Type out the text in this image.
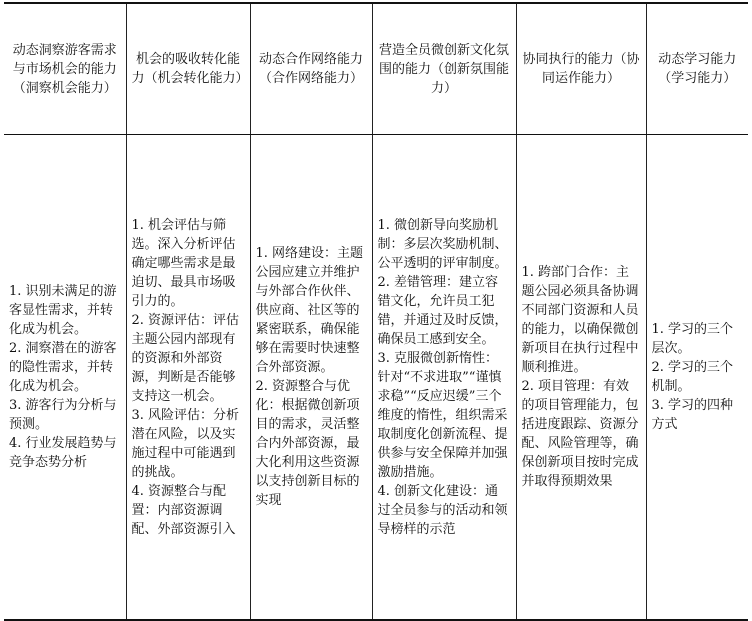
动态洞察游客需求与市场机会的能力（洞察机会能力）	机会的吸收转化能力（机会转化能力）	动态合作网络能力（合作网络能力）	营造全员微创新文化氛围的能力（创新氛围能力）	协同执行的能力（协同运作能力）	动态学习能力（学习能力）
1. 识别未满足的游客显性需求，并转化成为机会。
2. 洞察潜在的游客的隐性需求，并转化成为机会。
3. 游客行为分析与预测。
4. 行业发展趋势与竞争态势分析	1. 机会评估与筛选。深入分析评估确定哪些需求是最迫切、最具市场吸引力的。
2. 资源评估：评估主题公园内部现有的资源和外部资源，判断是否能够支持这一机会。
3. 风险评估：分析潜在风险，以及实施过程中可能遇到的挑战。
4. 资源整合与配置：内部资源调配、外部资源引入	1. 网络建设：主题公园应建立并维护与外部合作伙伴、供应商、社区等的紧密联系，确保能够在需要时快速整合外部资源。
2. 资源整合与优化：根据微创新项目的需求，灵活整合内外部资源，最大化利用这些资源以支持创新目标的实现	1. 微创新导向奖励机制：多层次奖励机制、公平透明的评审制度。
2. 差错管理：建立容错文化，允许员工犯错，并通过及时反馈，确保员工感到安全。
3. 克服微创新惰性：针对“不求进取”“谨慎求稳”“反应迟缓”三个维度的惰性，组织需采取制度化创新流程、提供参与安全保障并加强激励措施。
4. 创新文化建设：通过全员参与的活动和领导榜样的示范	1. 跨部门合作：主题公园必须具备协调不同部门资源和人员的能力，以确保微创新项目在执行过程中顺利推进。
2. 项目管理：有效的项目管理能力，包括进度跟踪、资源分配、风险管理等，确保创新项目按时完成并取得预期效果	1. 学习的三个层次。
2. 学习的三个机制。
3. 学习的四种方式
